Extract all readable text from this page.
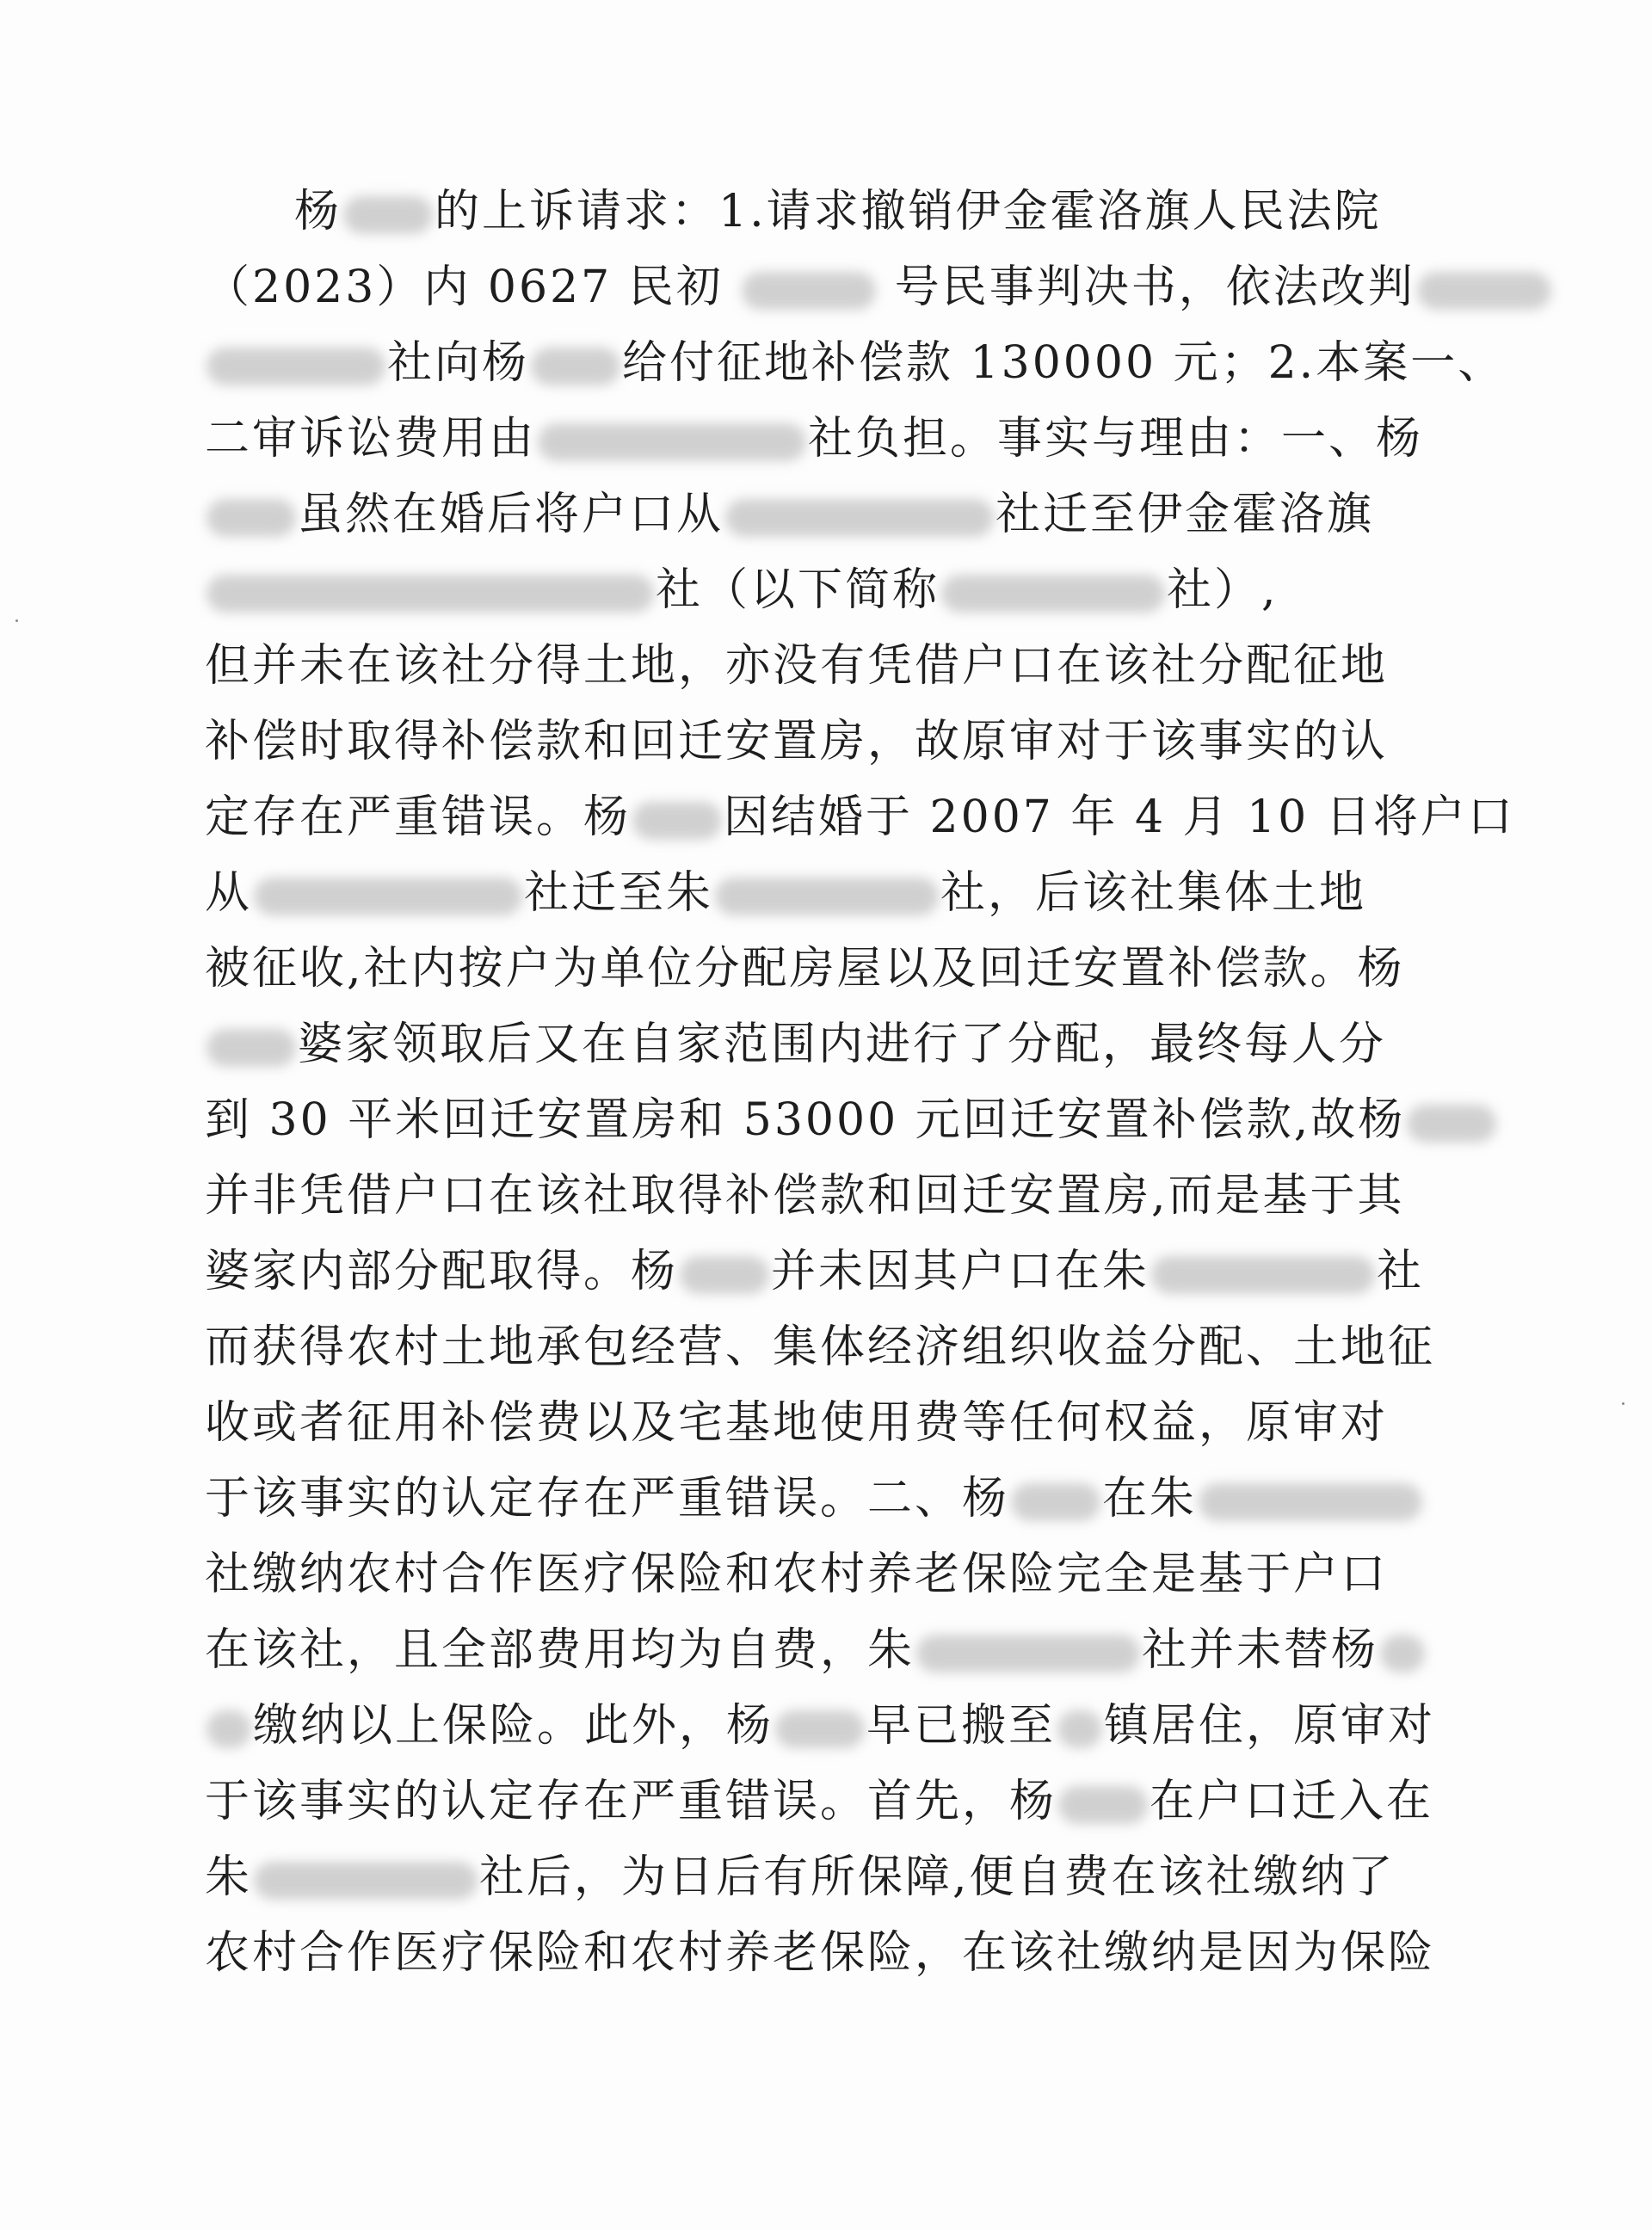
杨 的上诉请求：1.请求撤销伊金霍洛旗人民法院
（2023）内 0627 民初	号民事判决书，依法改判
社向杨 给付征地补偿款 130000 元；2.本案一、
二审诉讼费用由	社负担。事实与理由：一、杨
虽然在婚后将户口从	社迁至伊金霍洛旗
社（以下简称	社）,
但并未在该社分得土地，亦没有凭借户口在该社分配征地
补偿时取得补偿款和回迁安置房，故原审对于该事实的认
定存在严重错误。杨 因结婚于 2007 年 4 月 10 日将户口
从	社迁至朱	社，后该社集体土地
被征收,社内按户为单位分配房屋以及回迁安置补偿款。杨
婆家领取后又在自家范围内进行了分配，最终每人分
到 30 平米回迁安置房和 53000 元回迁安置补偿款,故杨
并非凭借户口在该社取得补偿款和回迁安置房,而是基于其
婆家内部分配取得。杨 并未因其户口在朱	社
而获得农村土地承包经营、集体经济组织收益分配、土地征
收或者征用补偿费以及宅基地使用费等任何权益，原审对
于该事实的认定存在严重错误。二、杨 在朱
社缴纳农村合作医疗保险和农村养老保险完全是基于户口
在该社，且全部费用均为自费，朱	社并未替杨
缴纳以上保险。此外，杨 早已搬至 镇居住，原审对
于该事实的认定存在严重错误。首先，杨 在户口迁入在
朱	社后，为日后有所保障,便自费在该社缴纳了
农村合作医疗保险和农村养老保险，在该社缴纳是因为保险
